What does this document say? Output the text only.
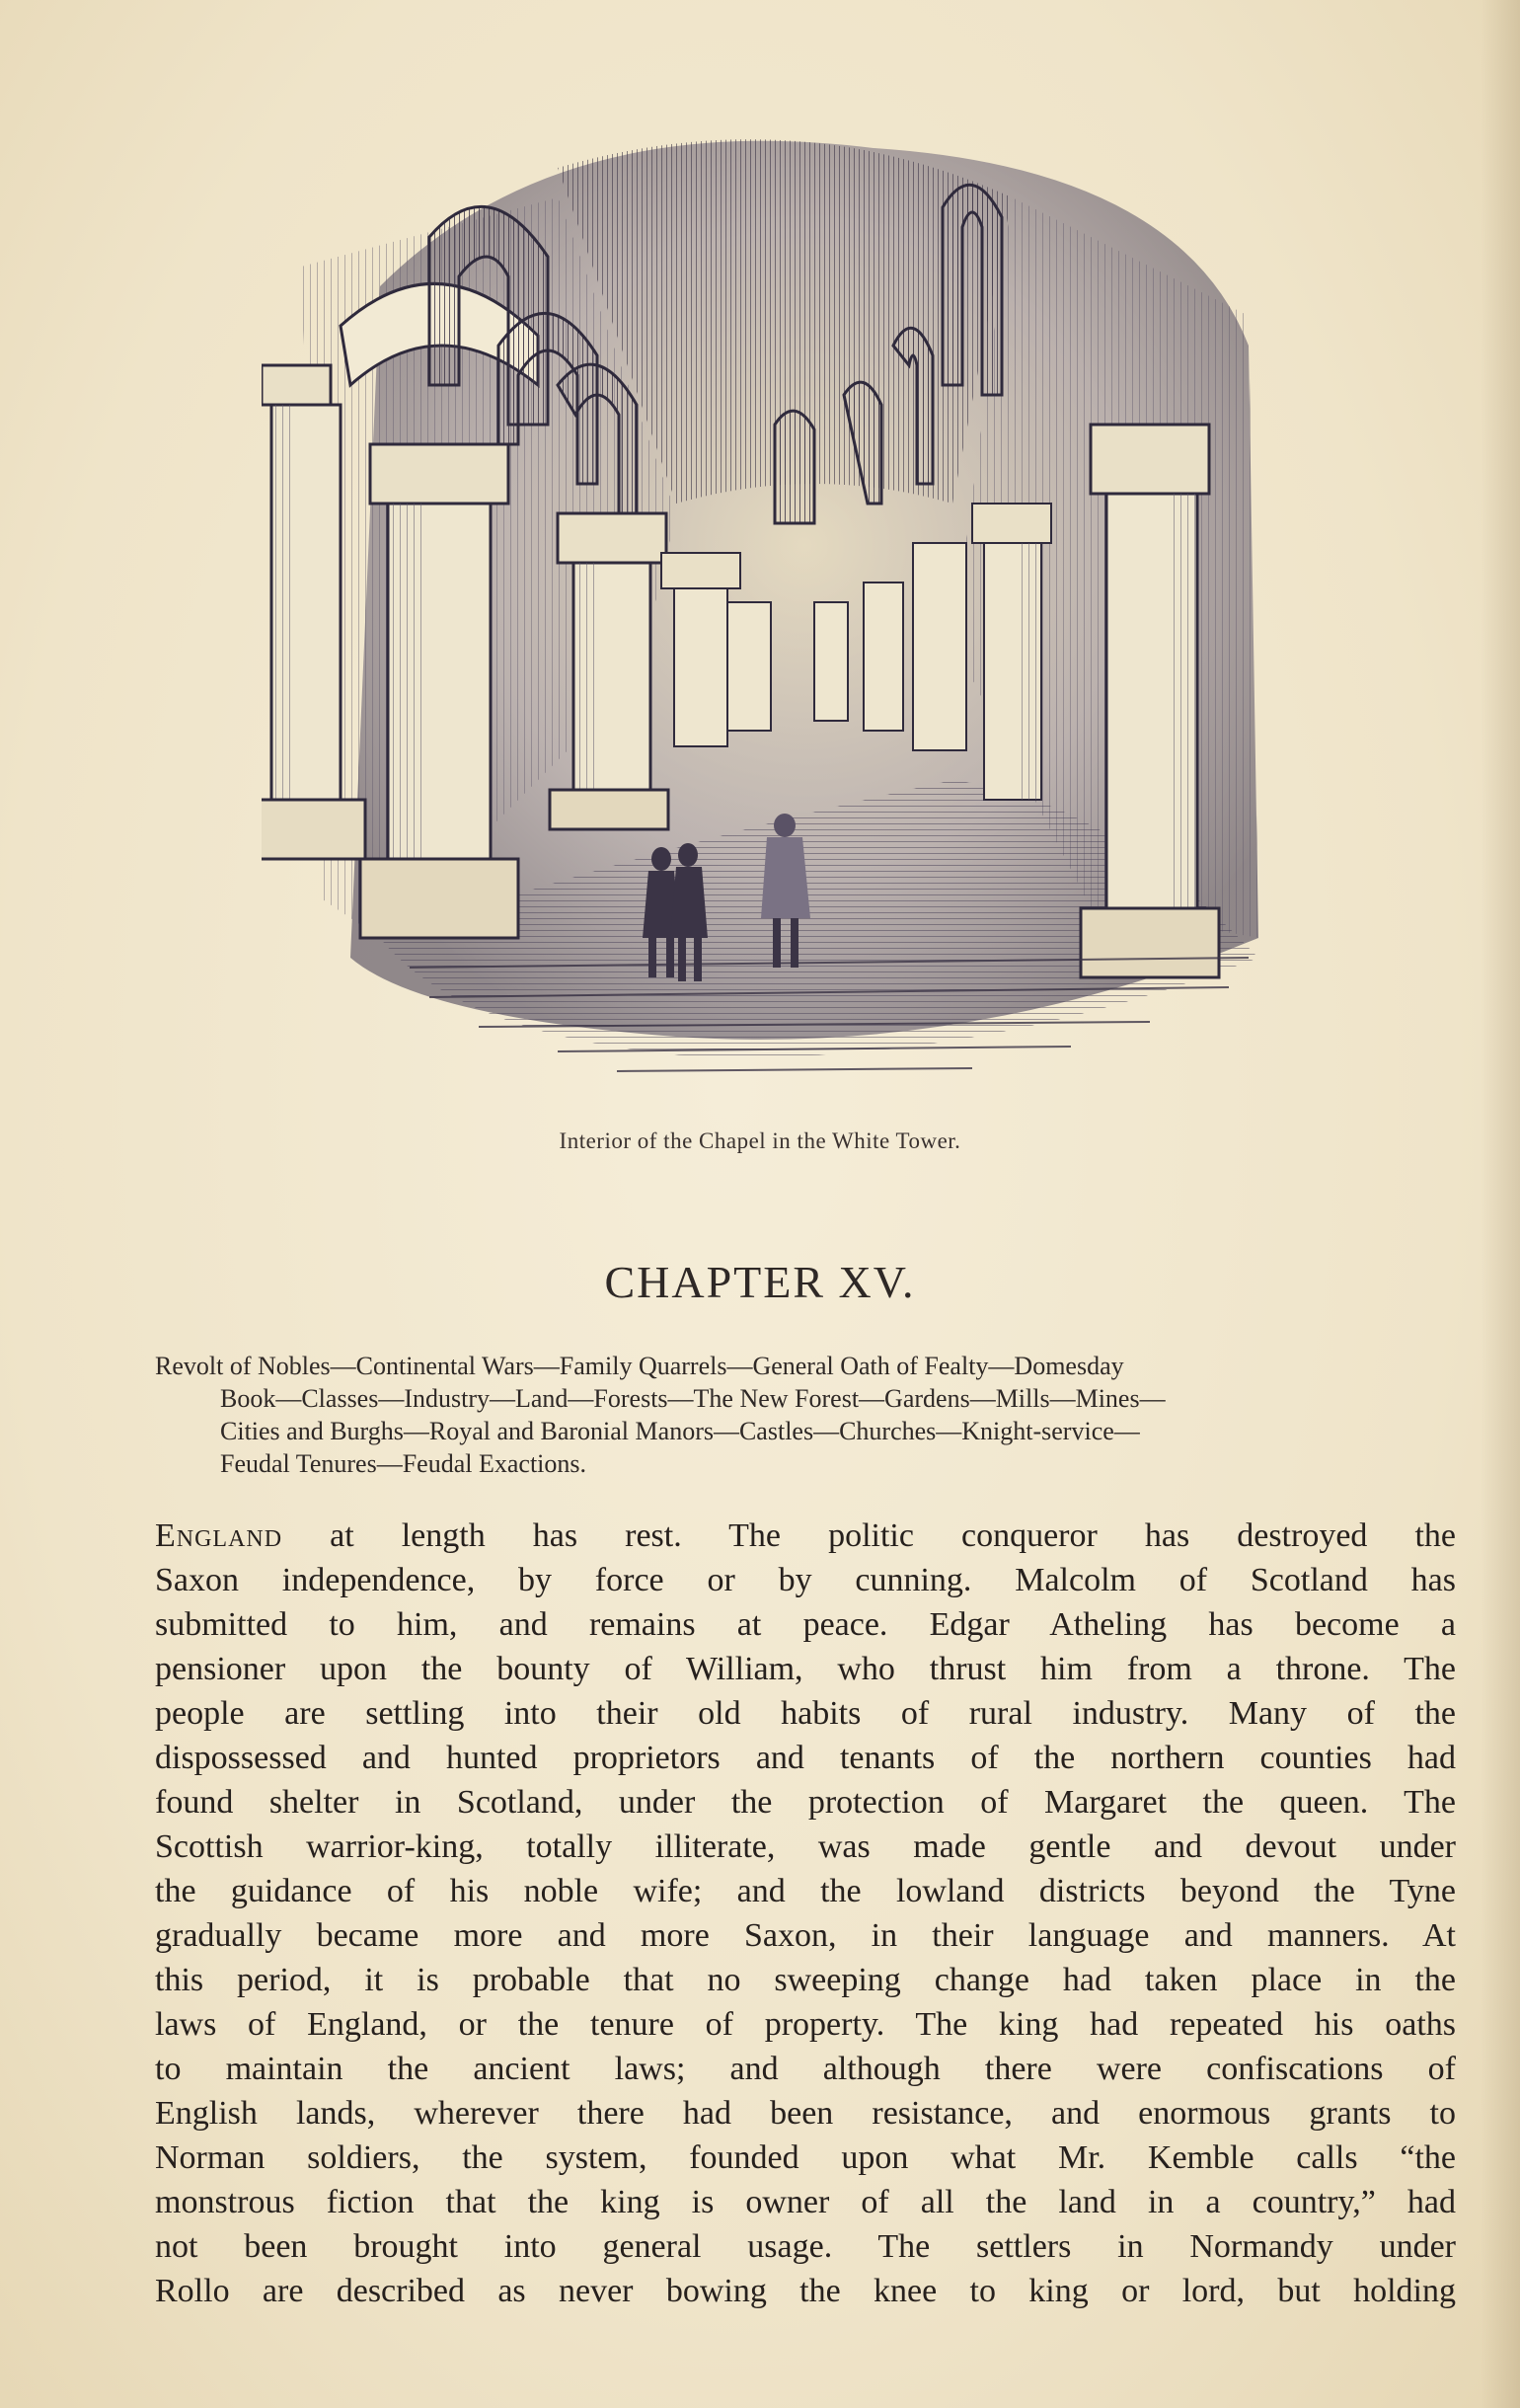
Interior of the Chapel in the White Tower.
CHAPTER XV.
Revolt of Nobles—Continental Wars—Family Quarrels—General Oath of Fealty—Domesday
Book—Classes—Industry—Land—Forests—The New Forest—Gardens—Mills—Mines—
Cities and Burghs—Royal and Baronial Manors—Castles—Churches—Knight-service—
Feudal Tenures—Feudal Exactions.
England at length has rest. The politic conqueror has destroyed the
Saxon independence, by force or by cunning. Malcolm of Scotland has
submitted to him, and remains at peace. Edgar Atheling has become a
pensioner upon the bounty of William, who thrust him from a throne. The
people are settling into their old habits of rural industry. Many of the
dispossessed and hunted proprietors and tenants of the northern counties had
found shelter in Scotland, under the protection of Margaret the queen. The
Scottish warrior-king, totally illiterate, was made gentle and devout under
the guidance of his noble wife; and the lowland districts beyond the Tyne
gradually became more and more Saxon, in their language and manners. At
this period, it is probable that no sweeping change had taken place in the
laws of England, or the tenure of property. The king had repeated his oaths
to maintain the ancient laws; and although there were confiscations of
English lands, wherever there had been resistance, and enormous grants to
Norman soldiers, the system, founded upon what Mr. Kemble calls “the
monstrous fiction that the king is owner of all the land in a country,” had
not been brought into general usage. The settlers in Normandy under
Rollo are described as never bowing the knee to king or lord, but holding
